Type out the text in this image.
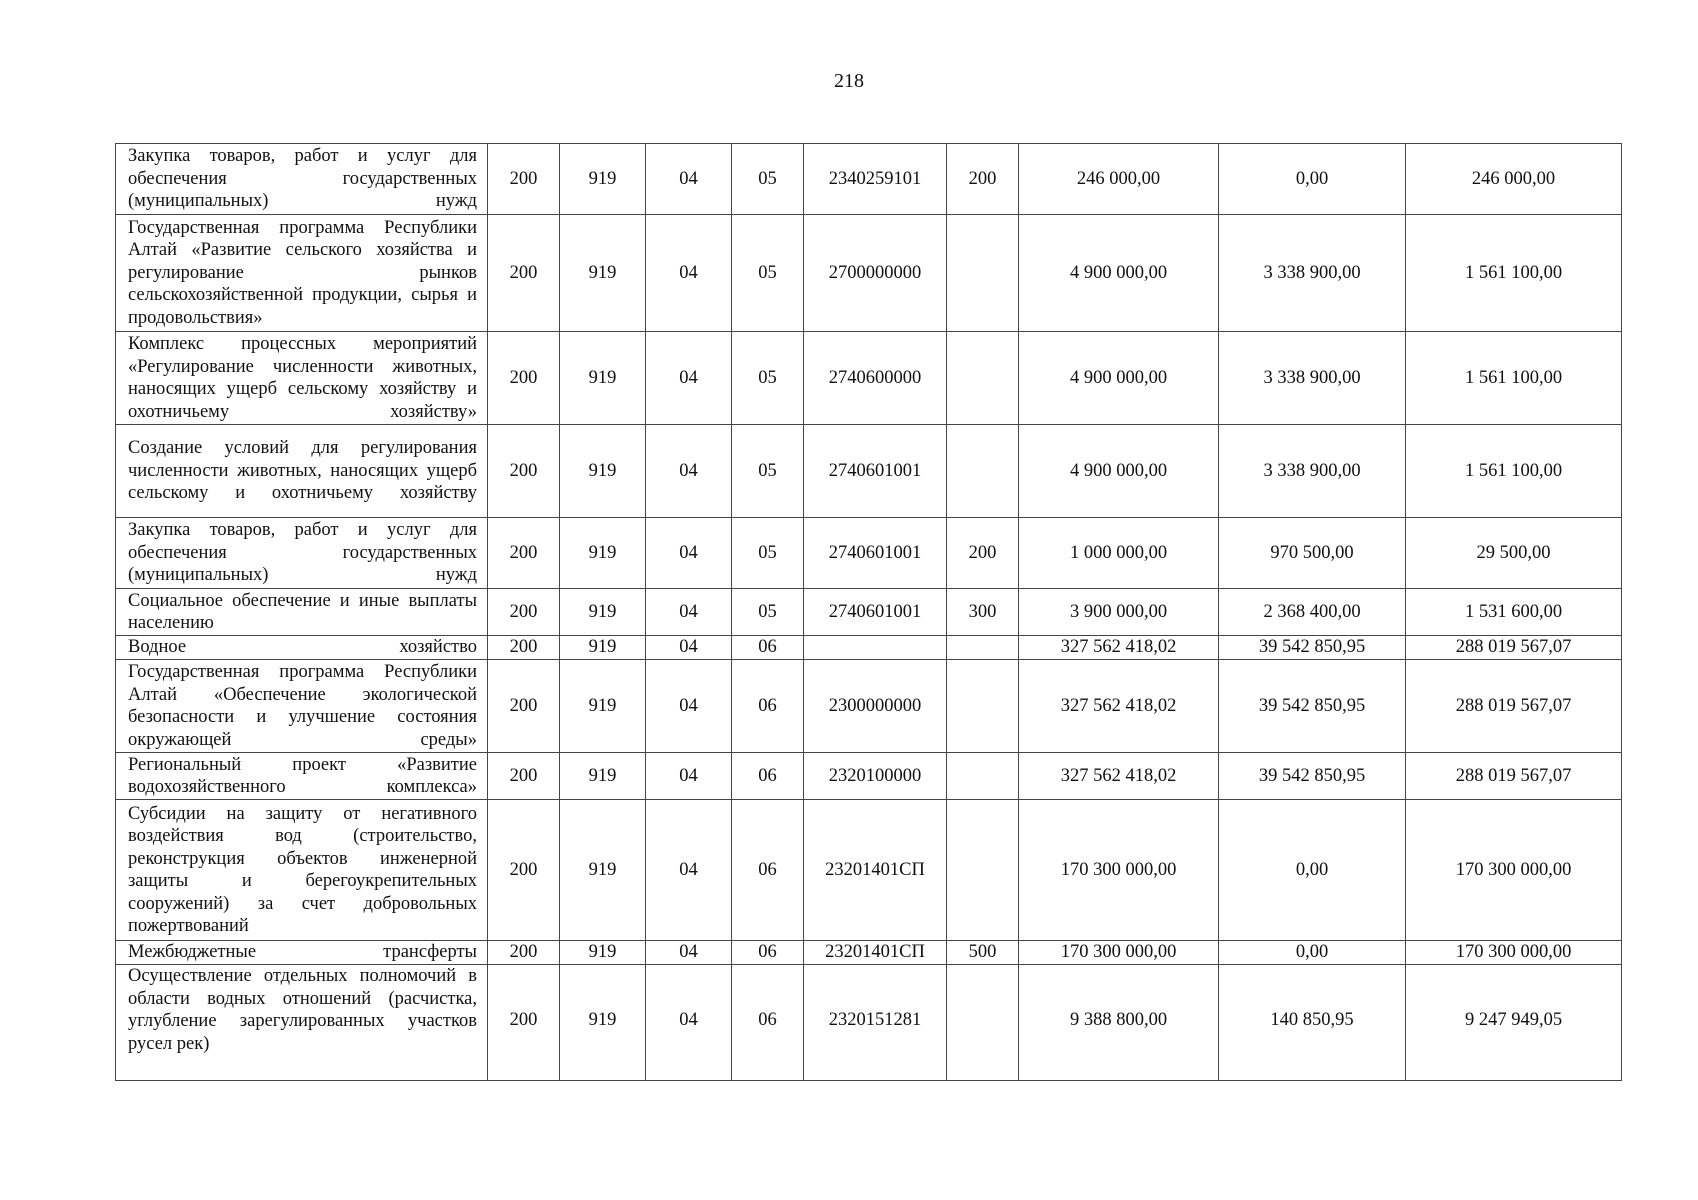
218
Закупка товаров, работ и услуг для обеспечения государственных (муниципальных) нужд	200	919	04	05	2340259101	200	246 000,00	0,00	246 000,00
Государственная программа Республики Алтай «Развитие сельского хозяйства и регулирование рынков сельскохозяйственной продукции, сырья и продовольствия»	200	919	04	05	2700000000		4 900 000,00	3 338 900,00	1 561 100,00
Комплекс процессных мероприятий «Регулирование численности животных, наносящих ущерб сельскому хозяйству и охотничьему хозяйству»	200	919	04	05	2740600000		4 900 000,00	3 338 900,00	1 561 100,00
Создание условий для регулирования численности животных, наносящих ущерб сельскому и охотничьему хозяйству	200	919	04	05	2740601001		4 900 000,00	3 338 900,00	1 561 100,00
Закупка товаров, работ и услуг для обеспечения государственных (муниципальных) нужд	200	919	04	05	2740601001	200	1 000 000,00	970 500,00	29 500,00
Социальное обеспечение и иные выплаты населению	200	919	04	05	2740601001	300	3 900 000,00	2 368 400,00	1 531 600,00
Водное хозяйство	200	919	04	06			327 562 418,02	39 542 850,95	288 019 567,07
Государственная программа Республики Алтай «Обеспечение экологической безопасности и улучшение состояния окружающей среды»	200	919	04	06	2300000000		327 562 418,02	39 542 850,95	288 019 567,07
Региональный проект «Развитие водохозяйственного комплекса»	200	919	04	06	2320100000		327 562 418,02	39 542 850,95	288 019 567,07
Субсидии на защиту от негативного воздействия вод (строительство, реконструкция объектов инженерной защиты и берегоукрепительных сооружений) за счет добровольных пожертвований	200	919	04	06	23201401СП		170 300 000,00	0,00	170 300 000,00
Межбюджетные трансферты	200	919	04	06	23201401СП	500	170 300 000,00	0,00	170 300 000,00
Осуществление отдельных полномочий в области водных отношений (расчистка, углубление зарегулированных участков русел рек)	200	919	04	06	2320151281		9 388 800,00	140 850,95	9 247 949,05
